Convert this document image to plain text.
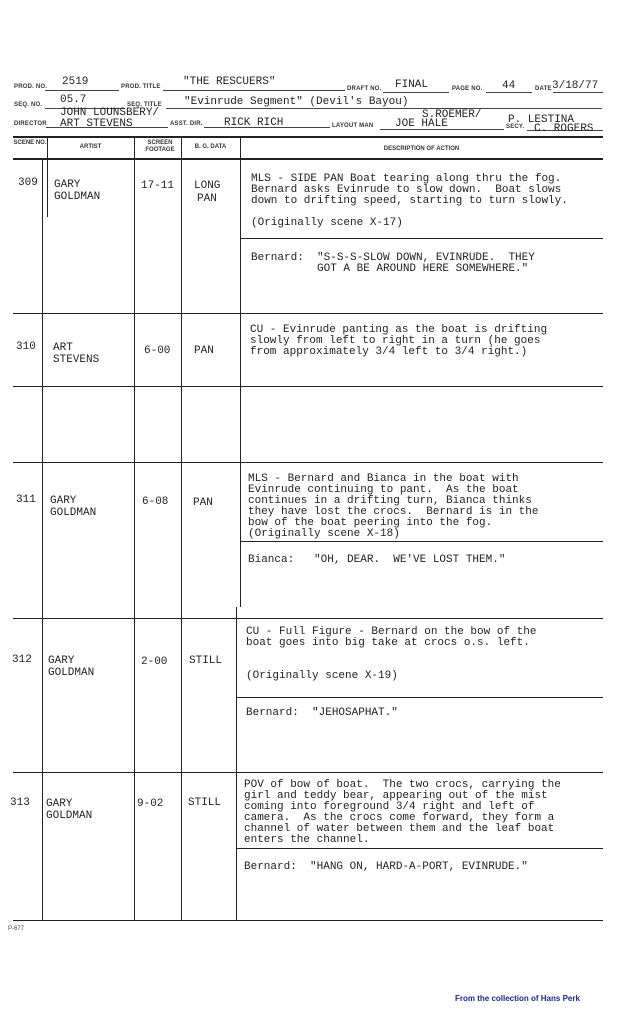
PROD. NO. 2519	PROD. TITLE "THE RESCUERS"
DRAFT NO. FINAL	PAGE NO. 44	DATE 3/18/77
SEQ. NO. 05.7	SEQ. TITLE "Evinrude Segment" (Devil's Bayou)
JOHN LOUNSBERY/
DIRECTOR ART STEVENS	ASST. DIR. RICK RICH
S.ROEMER/
LAYOUT MAN JOE HALE	P. LESTINA
SECY. C. ROGERS
SCENE NO.
ARTIST
SCREEN FOOTAGE	B. G. DATA	DESCRIPTION OF ACTION
309 GARY
GOLDMAN
17-11 LONG
PAN
MLS - SIDE PAN Boat tearing along thru the fog.
Bernard asks Evinrude to slow down.  Boat slows
down to drifting speed, starting to turn slowly.

(Originally scene X-17)
Bernard:  "S-S-S-SLOW DOWN, EVINRUDE.  THEY
GOT A BE AROUND HERE SOMEWHERE."
310 ART
STEVENS
6-00 PAN
CU - Evinrude panting as the boat is drifting
slowly from left to right in a turn (he goes
from approximately 3/4 left to 3/4 right.)
311 GARY
GOLDMAN
6-08 PAN
MLS - Bernard and Bianca in the boat with
Evinrude continuing to pant.  As the boat
continues in a drifting turn, Bianca thinks
they have lost the crocs.  Bernard is in the
bow of the boat peering into the fog.
(Originally scene X-18)
Bianca:   "OH, DEAR.  WE'VE LOST THEM."
312 GARY
GOLDMAN
2-00 STILL
CU - Full Figure - Bernard on the bow of the
boat goes into big take at crocs o.s. left.

(Originally scene X-19)
Bernard:  "JEHOSAPHAT."
313 GARY
GOLDMAN
9-02 STILL
POV of bow of boat.  The two crocs, carrying the
girl and teddy bear, appearing out of the mist
coming into foreground 3/4 right and left of
camera.  As the crocs come forward, they form a
channel of water between them and the leaf boat
enters the channel.
Bernard:  "HANG ON, HARD-A-PORT, EVINRUDE."
P-677
From the collection of Hans Perk
